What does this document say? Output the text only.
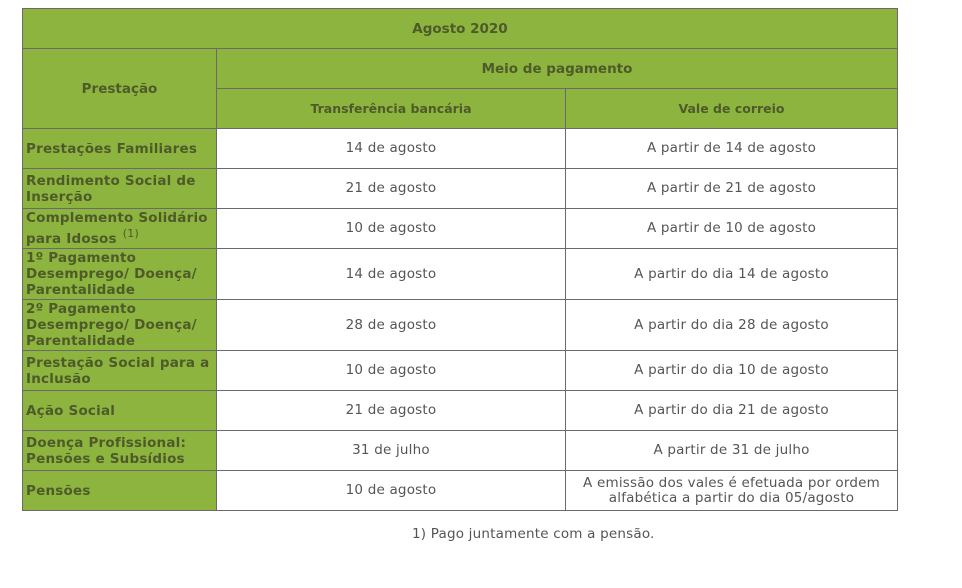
Agosto 2020		
Prestação	Meio de pagamento	
	Transferência bancária	Vale de correio
Prestações Familiares	14 de agosto	A partir de 14 de agosto
Rendimento Social de Inserção	21 de agosto	A partir de 21 de agosto
Complemento Solidário para Idosos $^{(1)}$	10 de agosto	A partir de 10 de agosto
1º Pagamento Desemprego/ Doença/ Parentalidade	14 de agosto	A partir do dia 14 de agosto
2º Pagamento Desemprego/ Doença/ Parentalidade	28 de agosto	A partir do dia 28 de agosto
Prestação Social para a Inclusão	10 de agosto	A partir do dia 10 de agosto
Ação Social	21 de agosto	A partir do dia 21 de agosto
Doença Profissional: Pensões e Subsídios	31 de julho	A partir de 31 de julho
Pensões	10 de agosto	A emissão dos vales é efetuada por ordem alfabética a partir do dia 05/agosto
1) Pago juntamente com a pensão.
